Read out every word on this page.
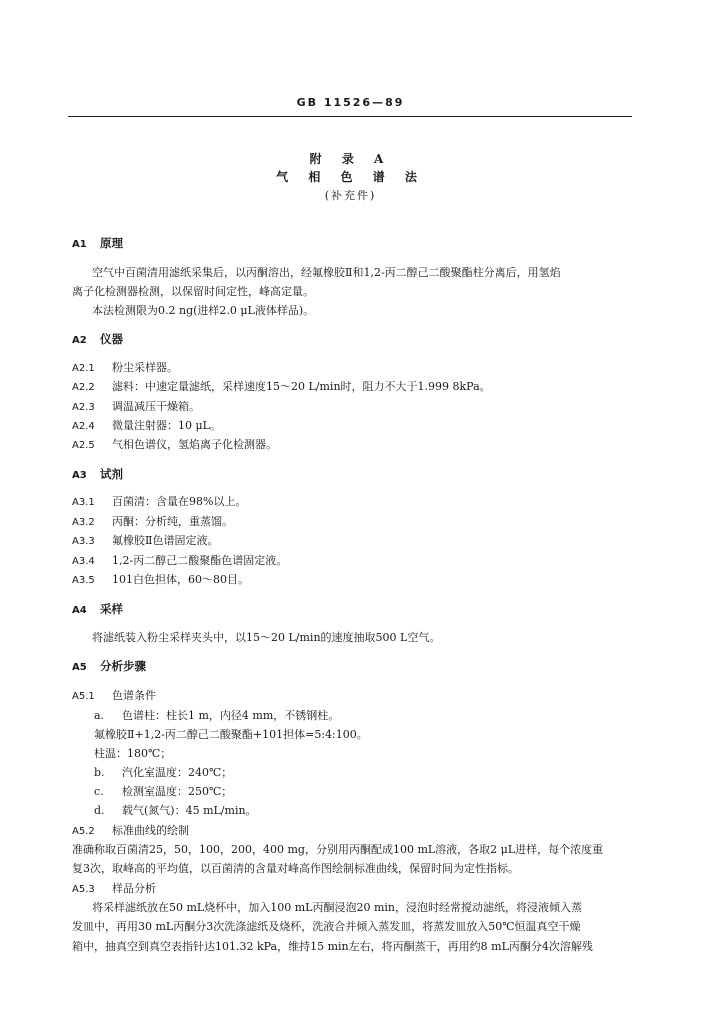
GB 11526—89
附 录 A
气 相 色 谱 法
(补充件)
A1 原理
空气中百菌清用滤纸采集后，以丙酮溶出，经氟橡胶Ⅱ和1,2-丙二醇己二酸聚酯柱分离后，用氢焰
离子化检测器检测，以保留时间定性，峰高定量。
本法检测限为0.2 ng(进样2.0 μL液体样品)。
A2 仪器
A2.1 粉尘采样器。
A2.2 滤料：中速定量滤纸，采样速度15～20 L/min时，阻力不大于1.999 8kPa。
A2.3 调温减压干燥箱。
A2.4 微量注射器：10 μL。
A2.5 气相色谱仪，氢焰离子化检测器。
A3 试剂
A3.1 百菌清：含量在98%以上。
A3.2 丙酮：分析纯，重蒸馏。
A3.3 氟橡胶Ⅱ色谱固定液。
A3.4 1,2-丙二醇己二酸聚酯色谱固定液。
A3.5 101白色担体，60～80目。
A4 采样
将滤纸装入粉尘采样夹头中，以15～20 L/min的速度抽取500 L空气。
A5 分析步骤
A5.1 色谱条件
a. 色谱柱：柱长1 m，内径4 mm，不锈钢柱。
氟橡胶Ⅱ+1,2-丙二醇己二酸聚酯+101担体=5:4:100。
柱温：180℃；
b. 汽化室温度：240℃；
c. 检测室温度：250℃；
d. 载气(氮气)：45 mL/min。
A5.2 标准曲线的绘制
准确称取百菌清25，50，100，200，400 mg，分别用丙酮配成100 mL溶液，各取2 μL进样，每个浓度重
复3次，取峰高的平均值，以百菌清的含量对峰高作图绘制标准曲线，保留时间为定性指标。
A5.3 样品分析
将采样滤纸放在50 mL烧杯中，加入100 mL丙酮浸泡20 min，浸泡时经常搅动滤纸，将浸液倾入蒸
发皿中，再用30 mL丙酮分3次洗涤滤纸及烧杯，洗液合并倾入蒸发皿，将蒸发皿放入50℃恒温真空干燥
箱中，抽真空到真空表指针达101.32 kPa，维持15 min左右，将丙酮蒸干，再用约8 mL丙酮分4次溶解残
